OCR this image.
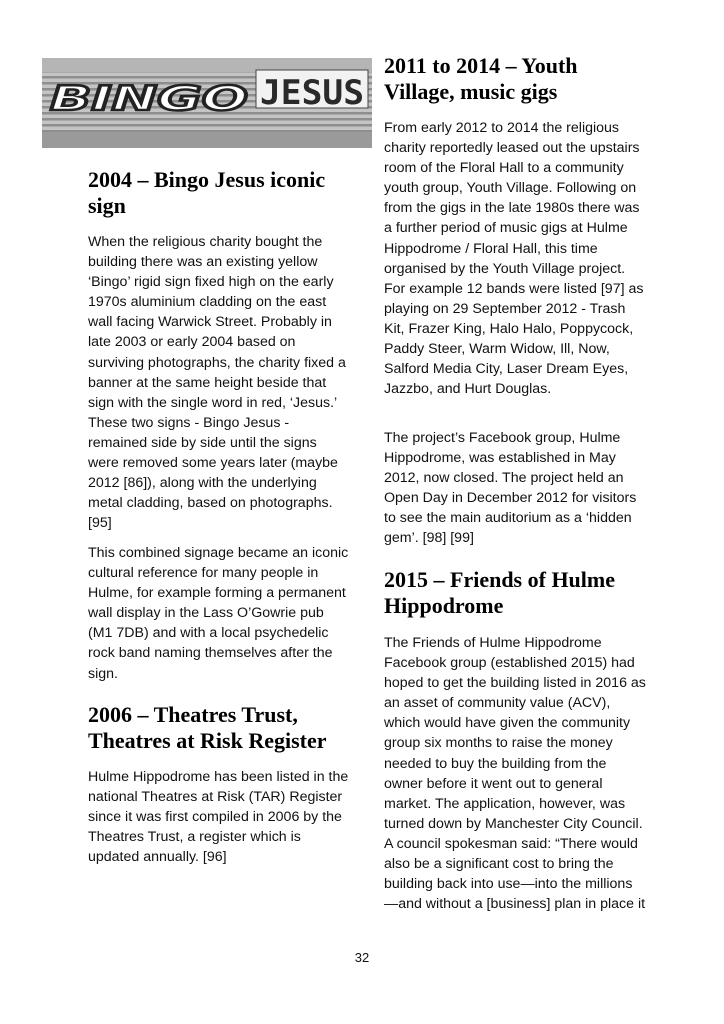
BINGO JESUS
2004 – Bingo Jesus iconic sign

When the religious charity bought the building there was an existing yellow ‘Bingo’ rigid sign fixed high on the early 1970s aluminium cladding on the east wall facing Warwick Street. Probably in late 2003 or early 2004 based on surviving photographs, the charity fixed a banner at the same height beside that sign with the single word in red, ‘Jesus.’ These two signs - Bingo Jesus - remained side by side until the signs were removed some years later (maybe 2012 [86]), along with the underlying metal cladding, based on photographs. [95]

This combined signage became an iconic cultural reference for many people in Hulme, for example forming a permanent wall display in the Lass O’Gowrie pub (M1 7DB) and with a local psychedelic rock band naming themselves after the sign.

2006 – Theatres Trust, Theatres at Risk Register

Hulme Hippodrome has been listed in the national Theatres at Risk (TAR) Register since it was first compiled in 2006 by the Theatres Trust, a register which is updated annually. [96]

2011 to 2014 – Youth Village, music gigs

From early 2012 to 2014 the religious charity reportedly leased out the upstairs room of the Floral Hall to a community youth group, Youth Village. Following on from the gigs in the late 1980s there was a further period of music gigs at Hulme Hippodrome / Floral Hall, this time organised by the Youth Village project. For example 12 bands were listed [97] as playing on 29 September 2012 - Trash Kit, Frazer King, Halo Halo, Poppycock, Paddy Steer, Warm Widow, Ill, Now, Salford Media City, Laser Dream Eyes, Jazzbo, and Hurt Douglas.

The project’s Facebook group, Hulme Hippodrome, was established in May 2012, now closed. The project held an Open Day in December 2012 for visitors to see the main auditorium as a ‘hidden gem’. [98] [99]

2015 – Friends of Hulme Hippodrome

The Friends of Hulme Hippodrome Facebook group (established 2015) had hoped to get the building listed in 2016 as an asset of community value (ACV), which would have given the community group six months to raise the money needed to buy the building from the owner before it went out to general market. The application, however, was turned down by Manchester City Council. A council spokesman said: “There would also be a significant cost to bring the building back into use—into the millions—and without a [business] plan in place it

32
